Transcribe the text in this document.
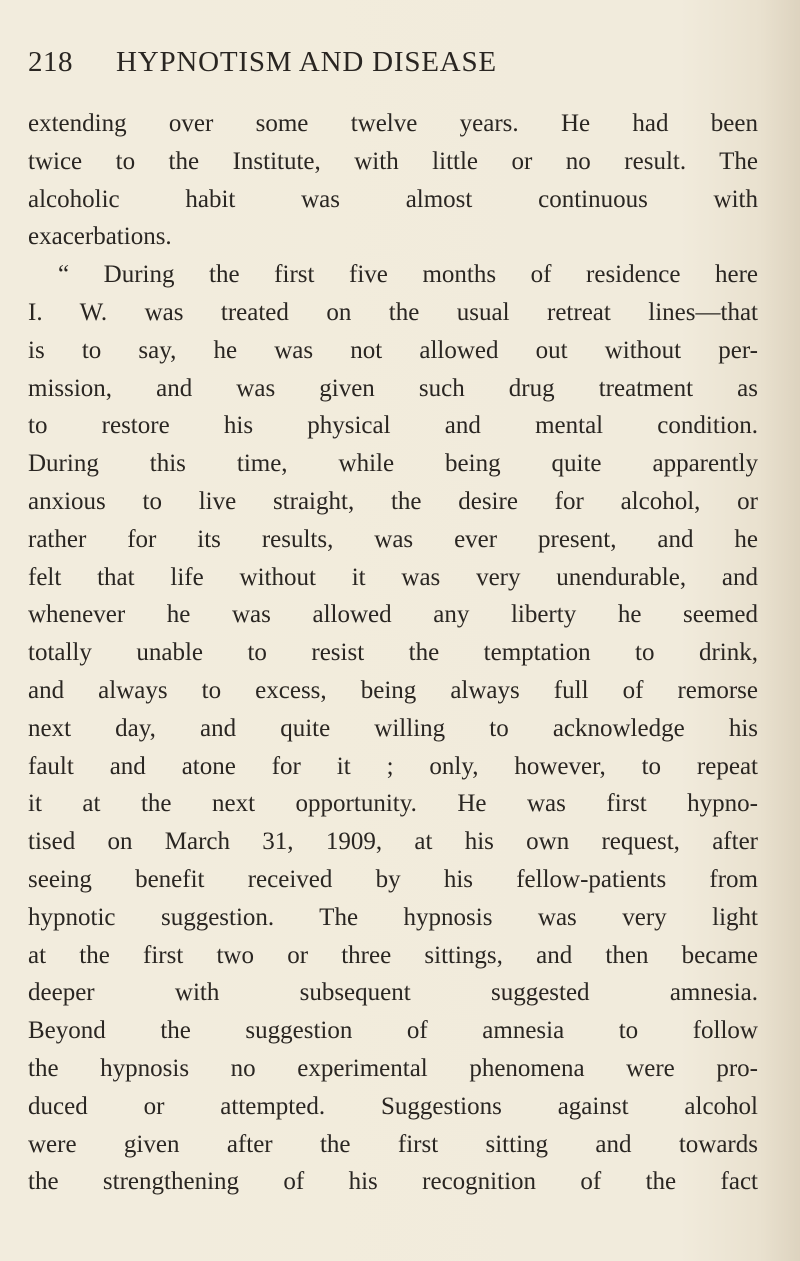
218 HYPNOTISM AND DISEASE
extending over some twelve years. He had been
twice to the Institute, with little or no result. The
alcoholic habit was almost continuous with
exacerbations.
“ During the first five months of residence here
I. W. was treated on the usual retreat lines—that
is to say, he was not allowed out without per-
mission, and was given such drug treatment as
to restore his physical and mental condition.
During this time, while being quite apparently
anxious to live straight, the desire for alcohol, or
rather for its results, was ever present, and he
felt that life without it was very unendurable, and
whenever he was allowed any liberty he seemed
totally unable to resist the temptation to drink,
and always to excess, being always full of remorse
next day, and quite willing to acknowledge his
fault and atone for it ; only, however, to repeat
it at the next opportunity. He was first hypno-
tised on March 31, 1909, at his own request, after
seeing benefit received by his fellow-patients from
hypnotic suggestion. The hypnosis was very light
at the first two or three sittings, and then became
deeper with subsequent suggested amnesia.
Beyond the suggestion of amnesia to follow
the hypnosis no experimental phenomena were pro-
duced or attempted. Suggestions against alcohol
were given after the first sitting and towards
the strengthening of his recognition of the fact
